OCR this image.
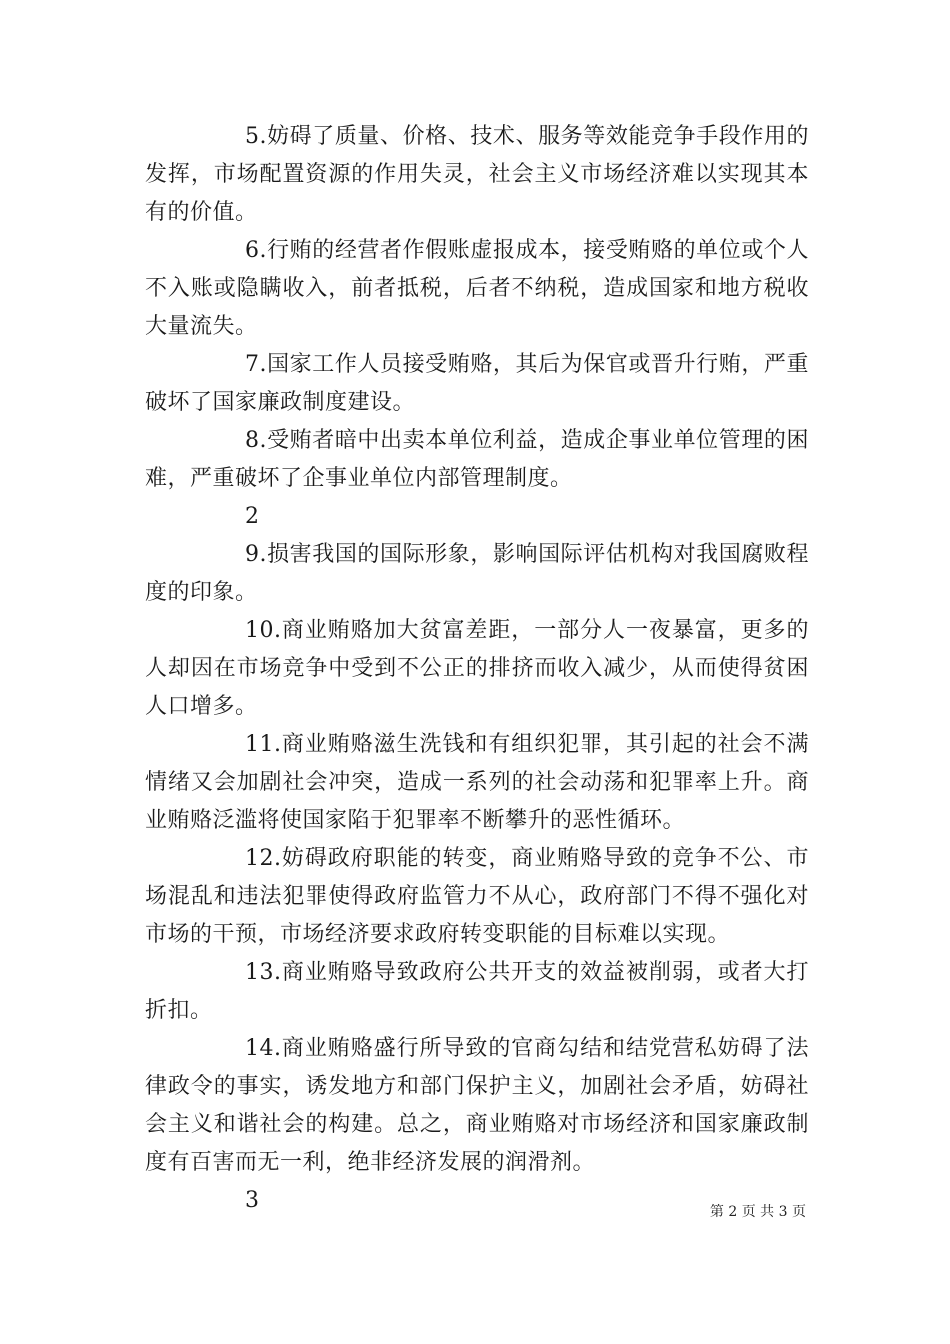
5.妨碍了质量、价格、技术、服务等效能竞争手段作用的发挥，市场配置资源的作用失灵，社会主义市场经济难以实现其本有的价值。

6.行贿的经营者作假账虚报成本，接受贿赂的单位或个人不入账或隐瞒收入，前者抵税，后者不纳税，造成国家和地方税收大量流失。

7.国家工作人员接受贿赂，其后为保官或晋升行贿，严重破坏了国家廉政制度建设。

8.受贿者暗中出卖本单位利益，造成企事业单位管理的困难，严重破坏了企事业单位内部管理制度。

2

9.损害我国的国际形象，影响国际评估机构对我国腐败程度的印象。

10.商业贿赂加大贫富差距，一部分人一夜暴富，更多的人却因在市场竞争中受到不公正的排挤而收入减少，从而使得贫困人口增多。

11.商业贿赂滋生洗钱和有组织犯罪，其引起的社会不满情绪又会加剧社会冲突，造成一系列的社会动荡和犯罪率上升。商业贿赂泛滥将使国家陷于犯罪率不断攀升的恶性循环。

12.妨碍政府职能的转变，商业贿赂导致的竞争不公、市场混乱和违法犯罪使得政府监管力不从心，政府部门不得不强化对市场的干预，市场经济要求政府转变职能的目标难以实现。

13.商业贿赂导致政府公共开支的效益被削弱，或者大打折扣。

14.商业贿赂盛行所导致的官商勾结和结党营私妨碍了法律政令的事实，诱发地方和部门保护主义，加剧社会矛盾，妨碍社会主义和谐社会的构建。总之，商业贿赂对市场经济和国家廉政制度有百害而无一利，绝非经济发展的润滑剂。

3	第 2 页 共 3 页
